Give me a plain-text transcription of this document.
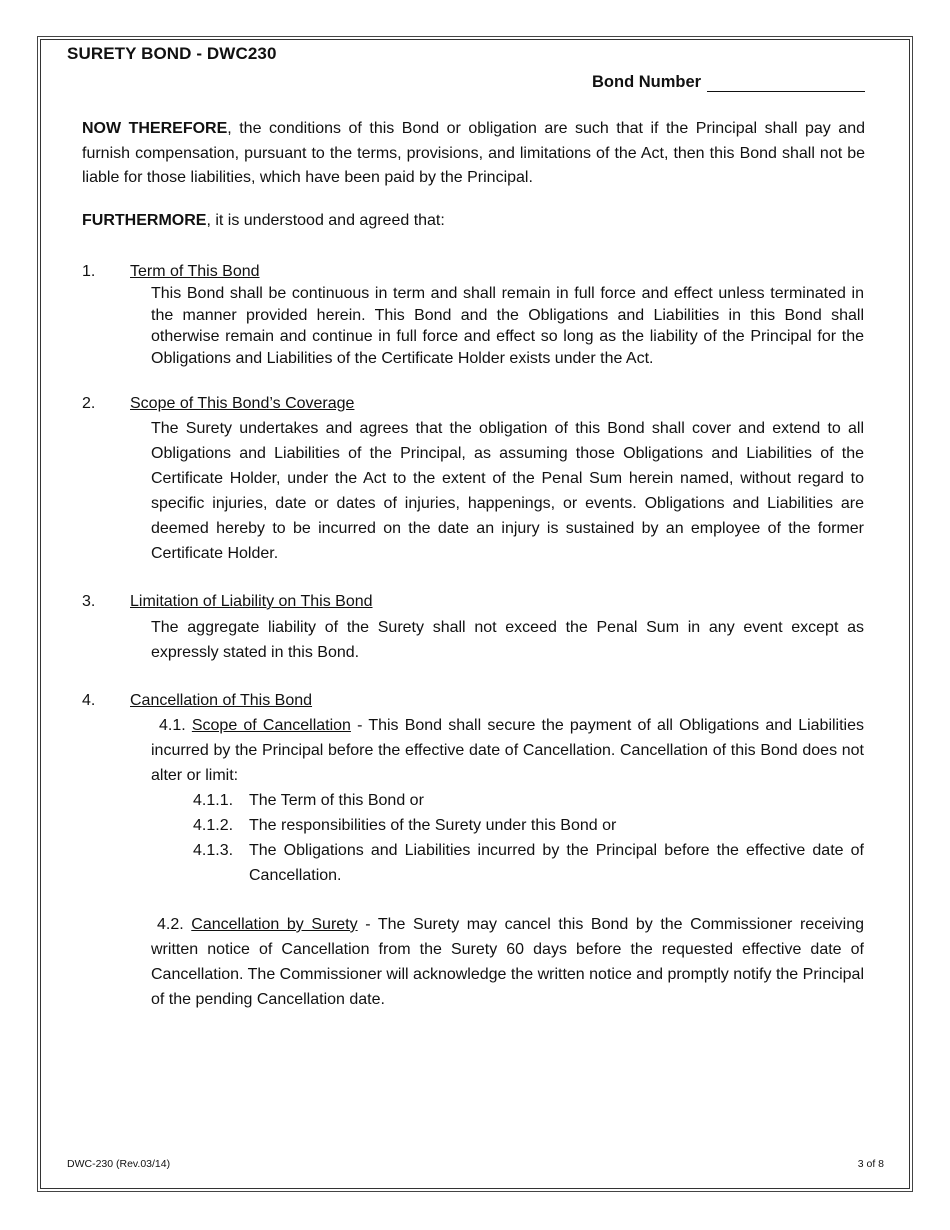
SURETY BOND - DWC230
Bond Number
NOW THEREFORE, the conditions of this Bond or obligation are such that if the Principal shall pay and furnish compensation, pursuant to the terms, provisions, and limitations of the Act, then this Bond shall not be liable for those liabilities, which have been paid by the Principal.
FURTHERMORE, it is understood and agreed that:
1. Term of This Bond
This Bond shall be continuous in term and shall remain in full force and effect unless terminated in the manner provided herein. This Bond and the Obligations and Liabilities in this Bond shall otherwise remain and continue in full force and effect so long as the liability of the Principal for the Obligations and Liabilities of the Certificate Holder exists under the Act.
2. Scope of This Bond’s Coverage
The Surety undertakes and agrees that the obligation of this Bond shall cover and extend to all Obligations and Liabilities of the Principal, as assuming those Obligations and Liabilities of the Certificate Holder, under the Act to the extent of the Penal Sum herein named, without regard to specific injuries, date or dates of injuries, happenings, or events. Obligations and Liabilities are deemed hereby to be incurred on the date an injury is sustained by an employee of the former Certificate Holder.
3. Limitation of Liability on This Bond
The aggregate liability of the Surety shall not exceed the Penal Sum in any event except as expressly stated in this Bond.
4. Cancellation of This Bond
4.1. Scope of Cancellation - This Bond shall secure the payment of all Obligations and Liabilities incurred by the Principal before the effective date of Cancellation. Cancellation of this Bond does not alter or limit:
4.1.1. The Term of this Bond or
4.1.2. The responsibilities of the Surety under this Bond or
4.1.3. The Obligations and Liabilities incurred by the Principal before the effective date of Cancellation.
4.2. Cancellation by Surety - The Surety may cancel this Bond by the Commissioner receiving written notice of Cancellation from the Surety 60 days before the requested effective date of Cancellation. The Commissioner will acknowledge the written notice and promptly notify the Principal of the pending Cancellation date.
DWC-230 (Rev.03/14)	3 of 8
